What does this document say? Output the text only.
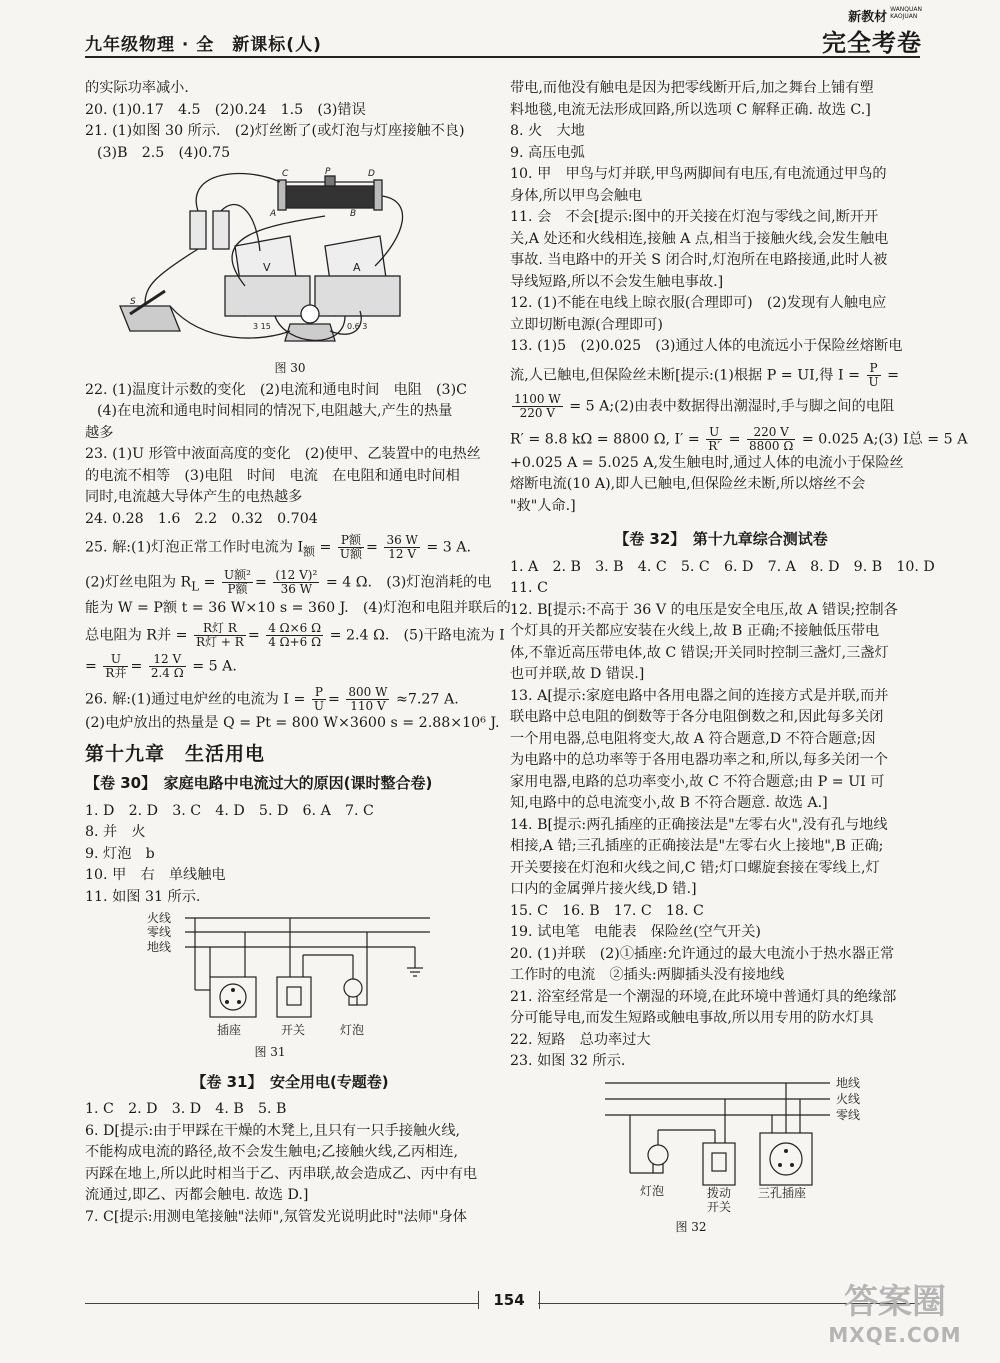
九年级物理 · 全　新课标(人)
新教材WANQUAN
KAOJUAN
完全考卷
的实际功率减小.
20. (1)0.17　4.5　(2)0.24　1.5　(3)错误
21. (1)如图 30 所示.　(2)灯丝断了(或灯泡与灯座接触不良)
(3)B　2.5　(4)0.75
C	P	D
A	B
S
V	A
3 15	0.6 3
图 30
22. (1)温度计示数的变化　(2)电流和通电时间　电阻　(3)C
(4)在电流和通电时间相同的情况下,电阻越大,产生的热量
越多
23. (1)U 形管中液面高度的变化　(2)使甲、乙装置中的电热丝
的电流不相等　(3)电阻　时间　电流　在电阻和通电时间相
同时,电流越大导体产生的电热越多
24. 0.28　1.6　2.2　0.32　0.704
25. 解:(1)灯泡正常工作时电流为 $I_额 = \frac{\text{P额}}{\text{U额}} = \frac{36 W}{12 V} = 3$ A.
(2)灯丝电阻为 $R_L = \frac{\text{U额²}}{\text{P额}} = \frac{\text{(12 V)²}}{36 W} = 4$ Ω.　(3)灯泡消耗的电
能为 W = P额 t = 36 W×10 s = 360 J.　(4)灯泡和电阻并联后的
总电阻为 R并 = $\frac{\text{R灯 R}}{\text{R灯 + R}} = \frac{4 \Omega\times 6 \Omega}{4 \Omega+6 \Omega} = 2.4$ Ω.　(5)干路电流为 I
= $\frac{U}{\text{R并}} = \frac{12 V}{2.4 \Omega} = 5$ A.
26. 解:(1)通过电炉丝的电流为 $I = \frac{P}{U} = \frac{800 W}{110 V} \approx 7.27$ A.
(2)电炉放出的热量是 Q = Pt = 800 W×3600 s = 2.88×10⁶ J.
第十九章　生活用电
【卷 30】　家庭电路中电流过大的原因(课时整合卷)
1. D　2. D　3. C　4. D　5. D　6. A　7. C
8. 并　火
9. 灯泡　b
10. 甲　右　单线触电
11. 如图 31 所示.
火线
零线
地线
插座	开关	灯泡
图 31
【卷 31】　安全用电(专题卷)
1. C　2. D　3. D　4. B　5. B
6. D[提示:由于甲踩在干燥的木凳上,且只有一只手接触火线,
不能构成电流的路径,故不会发生触电;乙接触火线,乙丙相连,
丙踩在地上,所以此时相当于乙、丙串联,故会造成乙、丙中有电
流通过,即乙、丙都会触电. 故选 D.]
7. C[提示:用测电笔接触"法师",氖管发光说明此时"法师"身体
带电,而他没有触电是因为把零线断开后,加之舞台上铺有塑
料地毯,电流无法形成回路,所以选项 C 解释正确. 故选 C.]
8. 火　大地
9. 高压电弧
10. 甲　甲鸟与灯并联,甲鸟两脚间有电压,有电流通过甲鸟的
身体,所以甲鸟会触电
11. 会　不会[提示:图中的开关接在灯泡与零线之间,断开开
关,A 处还和火线相连,接触 A 点,相当于接触火线,会发生触电
事故. 当电路中的开关 S 闭合时,灯泡所在电路接通,此时人被
导线短路,所以不会发生触电事故.]
12. (1)不能在电线上晾衣服(合理即可)　(2)发现有人触电应
立即切断电源(合理即可)
13. (1)5　(2)0.025　(3)通过人体的电流远小于保险丝熔断电
流,人已触电,但保险丝未断[提示:(1)根据 P = UI,得 $I = \frac{P}{U}$ =
$\frac{1100 W}{220 V} = 5$ A;(2)由表中数据得出潮湿时,手与脚之间的电阻
R′ = 8.8 kΩ = 8800 Ω, $I' = \frac{U}{R'} = \frac{220 V}{8800 \Omega} = 0.025$ A;(3) I总 = 5 A
+0.025 A = 5.025 A,发生触电时,通过人体的电流小于保险丝
熔断电流(10 A),即人已触电,但保险丝未断,所以熔丝不会
"救"人命.]
【卷 32】　第十九章综合测试卷
1. A　2. B　3. B　4. C　5. C　6. D　7. A　8. D　9. B　10. D
11. C
12. B[提示:不高于 36 V 的电压是安全电压,故 A 错误;控制各
个灯具的开关都应安装在火线上,故 B 正确;不接触低压带电
体,不靠近高压带电体,故 C 错误;开关同时控制三盏灯,三盏灯
也可并联,故 D 错误.]
13. A[提示:家庭电路中各用电器之间的连接方式是并联,而并
联电路中总电阻的倒数等于各分电阻倒数之和,因此每多关闭
一个用电器,总电阻将变大,故 A 符合题意,D 不符合题意;因
为电路中的总功率等于各用电器功率之和,所以,每多关闭一个
家用电器,电路的总功率变小,故 C 不符合题意;由 P = UI 可
知,电路中的总电流变小,故 B 不符合题意. 故选 A.]
14. B[提示:两孔插座的正确接法是"左零右火",没有孔与地线
相接,A 错;三孔插座的正确接法是"左零右火上接地",B 正确;
开关要接在灯泡和火线之间,C 错;灯口螺旋套接在零线上,灯
口内的金属弹片接火线,D 错.]
15. C　16. B　17. C　18. C
19. 试电笔　电能表　保险丝(空气开关)
20. (1)并联　(2)①插座:允许通过的最大电流小于热水器正常
工作时的电流　②插头:两脚插头没有接地线
21. 浴室经常是一个潮湿的环境,在此环境中普通灯具的绝缘部
分可能导电,而发生短路或触电事故,所以用专用的防水灯具
22. 短路　总功率过大
23. 如图 32 所示.
地线
火线
零线
灯泡	拨动
开关
三孔插座
图 32
154	答案圈
MXQE.COM
